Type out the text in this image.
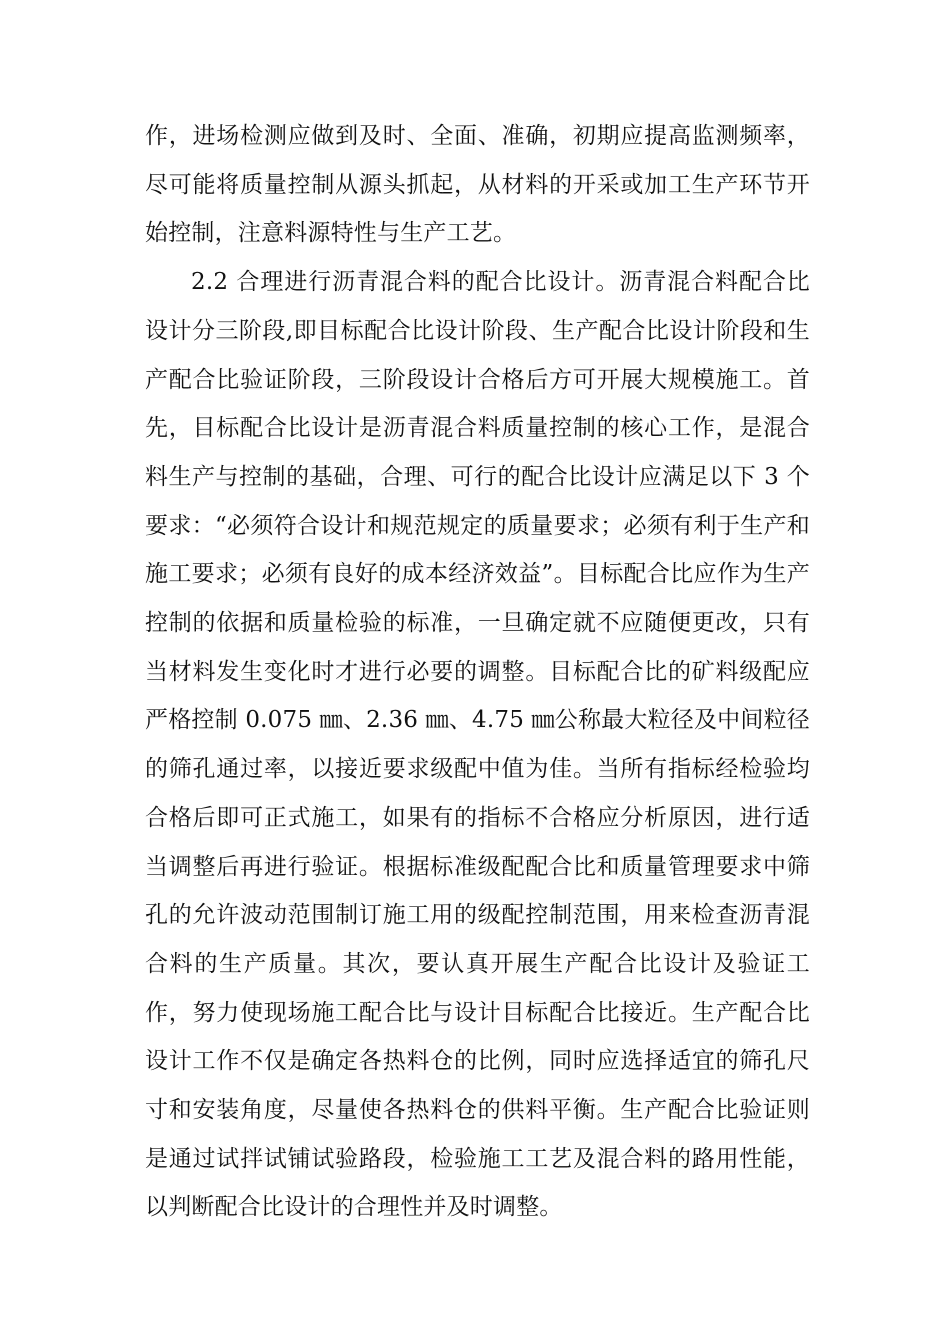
作，进场检测应做到及时、全面、准确，初期应提高监测频率，尽可能将质量控制从源头抓起，从材料的开采或加工生产环节开始控制，注意料源特性与生产工艺。

2.2 合理进行沥青混合料的配合比设计。沥青混合料配合比设计分三阶段,即目标配合比设计阶段、生产配合比设计阶段和生产配合比验证阶段，三阶段设计合格后方可开展大规模施工。首先，目标配合比设计是沥青混合料质量控制的核心工作，是混合料生产与控制的基础，合理、可行的配合比设计应满足以下 3 个要求：“必须符合设计和规范规定的质量要求；必须有利于生产和施工要求；必须有良好的成本经济效益”。目标配合比应作为生产控制的依据和质量检验的标准，一旦确定就不应随便更改，只有当材料发生变化时才进行必要的调整。目标配合比的矿料级配应严格控制 0.075 ㎜、2.36 ㎜、4.75 ㎜公称最大粒径及中间粒径的筛孔通过率，以接近要求级配中值为佳。当所有指标经检验均合格后即可正式施工，如果有的指标不合格应分析原因，进行适当调整后再进行验证。根据标准级配配合比和质量管理要求中筛孔的允许波动范围制订施工用的级配控制范围，用来检查沥青混合料的生产质量。其次，要认真开展生产配合比设计及验证工作，努力使现场施工配合比与设计目标配合比接近。生产配合比设计工作不仅是确定各热料仓的比例，同时应选择适宜的筛孔尺寸和安装角度，尽量使各热料仓的供料平衡。生产配合比验证则是通过试拌试铺试验路段，检验施工工艺及混合料的路用性能，以判断配合比设计的合理性并及时调整。
